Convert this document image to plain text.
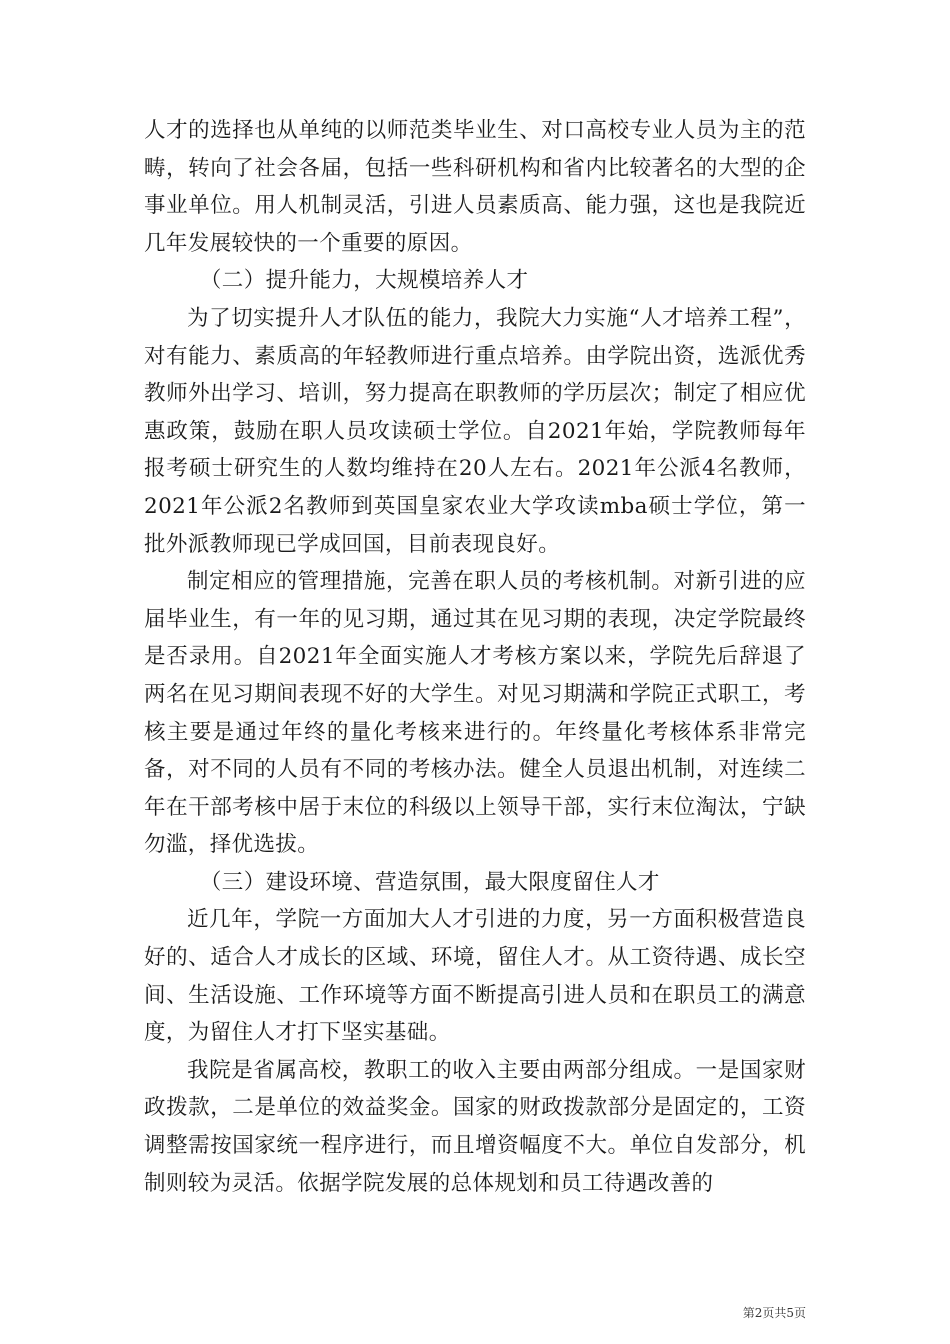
人才的选择也从单纯的以师范类毕业生、对口高校专业人员为主的范畴，转向了社会各届，包括一些科研机构和省内比较著名的大型的企事业单位。用人机制灵活，引进人员素质高、能力强，这也是我院近几年发展较快的一个重要的原因。

（二）提升能力，大规模培养人才

为了切实提升人才队伍的能力，我院大力实施“人才培养工程”，对有能力、素质高的年轻教师进行重点培养。由学院出资，选派优秀教师外出学习、培训，努力提高在职教师的学历层次；制定了相应优惠政策，鼓励在职人员攻读硕士学位。自2021年始，学院教师每年报考硕士研究生的人数均维持在20人左右。2021年公派4名教师，2021年公派2名教师到英国皇家农业大学攻读mba硕士学位，第一批外派教师现已学成回国，目前表现良好。

制定相应的管理措施，完善在职人员的考核机制。对新引进的应届毕业生，有一年的见习期，通过其在见习期的表现，决定学院最终是否录用。自2021年全面实施人才考核方案以来，学院先后辞退了两名在见习期间表现不好的大学生。对见习期满和学院正式职工，考核主要是通过年终的量化考核来进行的。年终量化考核体系非常完备，对不同的人员有不同的考核办法。健全人员退出机制，对连续二年在干部考核中居于末位的科级以上领导干部，实行末位淘汰，宁缺勿滥，择优选拔。

（三）建设环境、营造氛围，最大限度留住人才

近几年，学院一方面加大人才引进的力度，另一方面积极营造良好的、适合人才成长的区域、环境，留住人才。从工资待遇、成长空间、生活设施、工作环境等方面不断提高引进人员和在职员工的满意度，为留住人才打下坚实基础。

我院是省属高校，教职工的收入主要由两部分组成。一是国家财政拨款，二是单位的效益奖金。国家的财政拨款部分是固定的，工资调整需按国家统一程序进行，而且增资幅度不大。单位自发部分，机制则较为灵活。依据学院发展的总体规划和员工待遇改善的

第2页共5页
